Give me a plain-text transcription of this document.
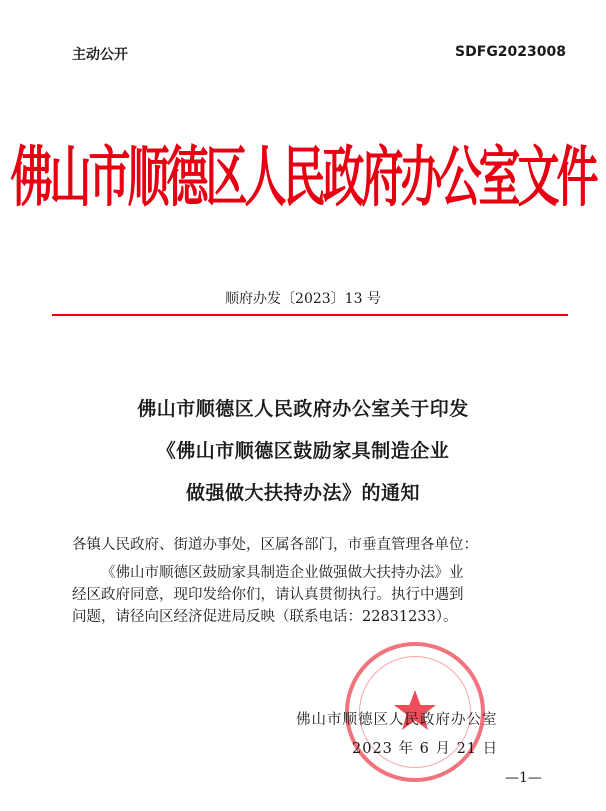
主动公开	SDFG2023008
佛山市顺德区人民政府办公室文件
顺府办发〔2023〕13 号
佛山市顺德区人民政府办公室关于印发
《佛山市顺德区鼓励家具制造企业
做强做大扶持办法》的通知
各镇人民政府、街道办事处，区属各部门，市垂直管理各单位：
《佛山市顺德区鼓励家具制造企业做强做大扶持办法》业
经区政府同意，现印发给你们，请认真贯彻执行。执行中遇到
问题，请径向区经济促进局反映（联系电话：22831233）。
佛山市顺德区人民政府办公室
2023 年 6 月 21 日
—1—
